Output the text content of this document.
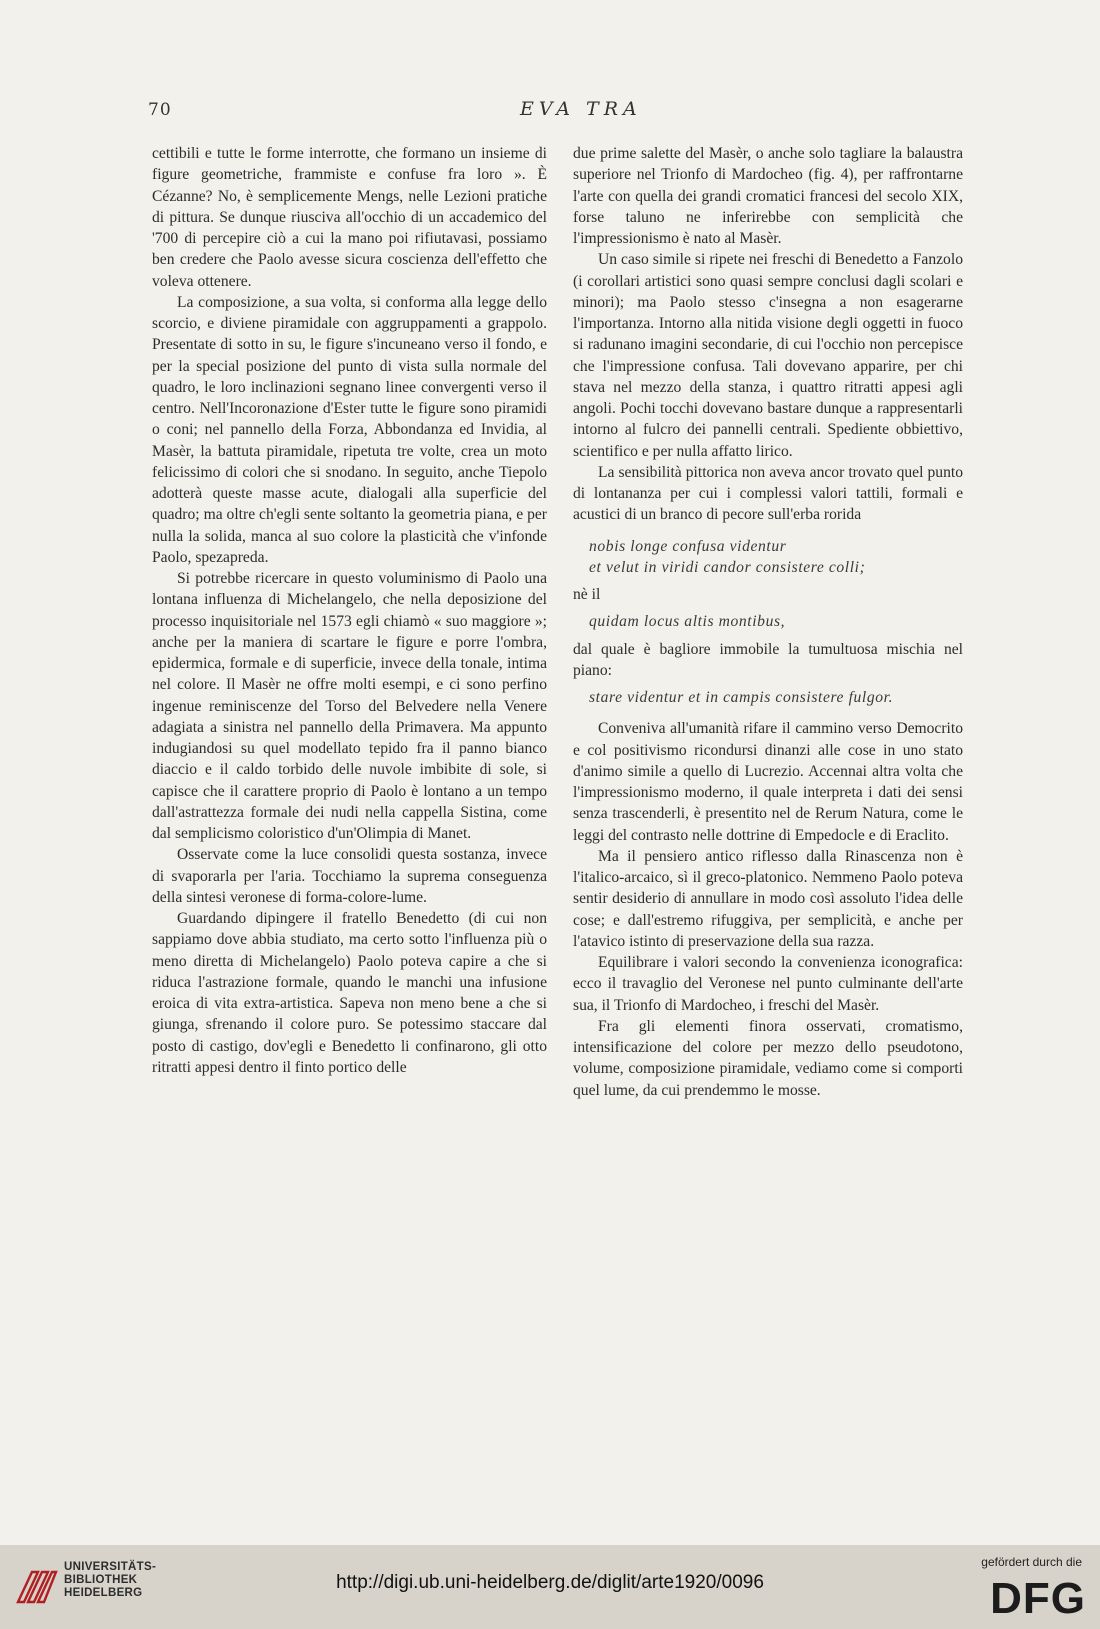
70	EVA TRA

cettibili e tutte le forme interrotte, che formano un insieme di figure geometriche, frammiste e confuse fra loro ». È Cézanne? No, è semplicemente Mengs, nelle Lezioni pratiche di pittura. Se dunque riusciva all'occhio di un accademico del '700 di percepire ciò a cui la mano poi rifiutavasi, possiamo ben credere che Paolo avesse sicura coscienza dell'effetto che voleva ottenere.

La composizione, a sua volta, si conforma alla legge dello scorcio, e diviene piramidale con aggruppamenti a grappolo. Presentate di sotto in su, le figure s'incuneano verso il fondo, e per la special posizione del punto di vista sulla normale del quadro, le loro inclinazioni segnano linee convergenti verso il centro. Nell'Incoronazione d'Ester tutte le figure sono piramidi o coni; nel pannello della Forza, Abbondanza ed Invidia, al Masèr, la battuta piramidale, ripetuta tre volte, crea un moto felicissimo di colori che si snodano. In seguito, anche Tiepolo adotterà queste masse acute, dialogali alla superficie del quadro; ma oltre ch'egli sente soltanto la geometria piana, e per nulla la solida, manca al suo colore la plasticità che v'infonde Paolo, spezapreda.

Si potrebbe ricercare in questo voluminismo di Paolo una lontana influenza di Michelangelo, che nella deposizione del processo inquisitoriale nel 1573 egli chiamò « suo maggiore »; anche per la maniera di scartare le figure e porre l'ombra, epidermica, formale e di superficie, invece della tonale, intima nel colore. Il Masèr ne offre molti esempi, e ci sono perfino ingenue reminiscenze del Torso del Belvedere nella Venere adagiata a sinistra nel pannello della Primavera. Ma appunto indugiandosi su quel modellato tepido fra il panno bianco diaccio e il caldo torbido delle nuvole imbibite di sole, si capisce che il carattere proprio di Paolo è lontano a un tempo dall'astrattezza formale dei nudi nella cappella Sistina, come dal semplicismo coloristico d'un'Olimpia di Manet.

Osservate come la luce consolidi questa sostanza, invece di svaporarla per l'aria. Tocchiamo la suprema conseguenza della sintesi veronese di forma-colore-lume.

Guardando dipingere il fratello Benedetto (di cui non sappiamo dove abbia studiato, ma certo sotto l'influenza più o meno diretta di Michelangelo) Paolo poteva capire a che si riduca l'astrazione formale, quando le manchi una infusione eroica di vita extra-artistica. Sapeva non meno bene a che si giunga, sfrenando il colore puro. Se potessimo staccare dal posto di castigo, dov'egli e Benedetto li confinarono, gli otto ritratti appesi dentro il finto portico delle

due prime salette del Masèr, o anche solo tagliare la balaustra superiore nel Trionfo di Mardocheo (fig. 4), per raffrontarne l'arte con quella dei grandi cromatici francesi del secolo XIX, forse taluno ne inferirebbe con semplicità che l'impressionismo è nato al Masèr.

Un caso simile si ripete nei freschi di Benedetto a Fanzolo (i corollari artistici sono quasi sempre conclusi dagli scolari e minori); ma Paolo stesso c'insegna a non esagerarne l'importanza. Intorno alla nitida visione degli oggetti in fuoco si radunano imagini secondarie, di cui l'occhio non percepisce che l'impressione confusa. Tali dovevano apparire, per chi stava nel mezzo della stanza, i quattro ritratti appesi agli angoli. Pochi tocchi dovevano bastare dunque a rappresentarli intorno al fulcro dei pannelli centrali. Spediente obbiettivo, scientifico e per nulla affatto lirico.

La sensibilità pittorica non aveva ancor trovato quel punto di lontananza per cui i complessi valori tattili, formali e acustici di un branco di pecore sull'erba rorida

nobis longe confusa videntur
et velut in viridi candor consistere colli;

nè il

quidam locus altis montibus,

dal quale è bagliore immobile la tumultuosa mischia nel piano:

stare videntur et in campis consistere fulgor.

Conveniva all'umanità rifare il cammino verso Democrito e col positivismo ricondursi dinanzi alle cose in uno stato d'animo simile a quello di Lucrezio. Accennai altra volta che l'impressionismo moderno, il quale interpreta i dati dei sensi senza trascenderli, è presentito nel de Rerum Natura, come le leggi del contrasto nelle dottrine di Empedocle e di Eraclito.

Ma il pensiero antico riflesso dalla Rinascenza non è l'italico-arcaico, sì il greco-platonico. Nemmeno Paolo poteva sentir desiderio di annullare in modo così assoluto l'idea delle cose; e dall'estremo rifuggiva, per semplicità, e anche per l'atavico istinto di preservazione della sua razza.

Equilibrare i valori secondo la convenienza iconografica: ecco il travaglio del Veronese nel punto culminante dell'arte sua, il Trionfo di Mardocheo, i freschi del Masèr.

Fra gli elementi finora osservati, cromatismo, intensificazione del colore per mezzo dello pseudotono, volume, composizione piramidale, vediamo come si comporti quel lume, da cui prendemmo le mosse.

UNIVERSITÄTS-
BIBLIOTHEK
HEIDELBERG	http://digi.ub.uni-heidelberg.de/diglit/arte1920/0096
gefördert durch die
DFG
